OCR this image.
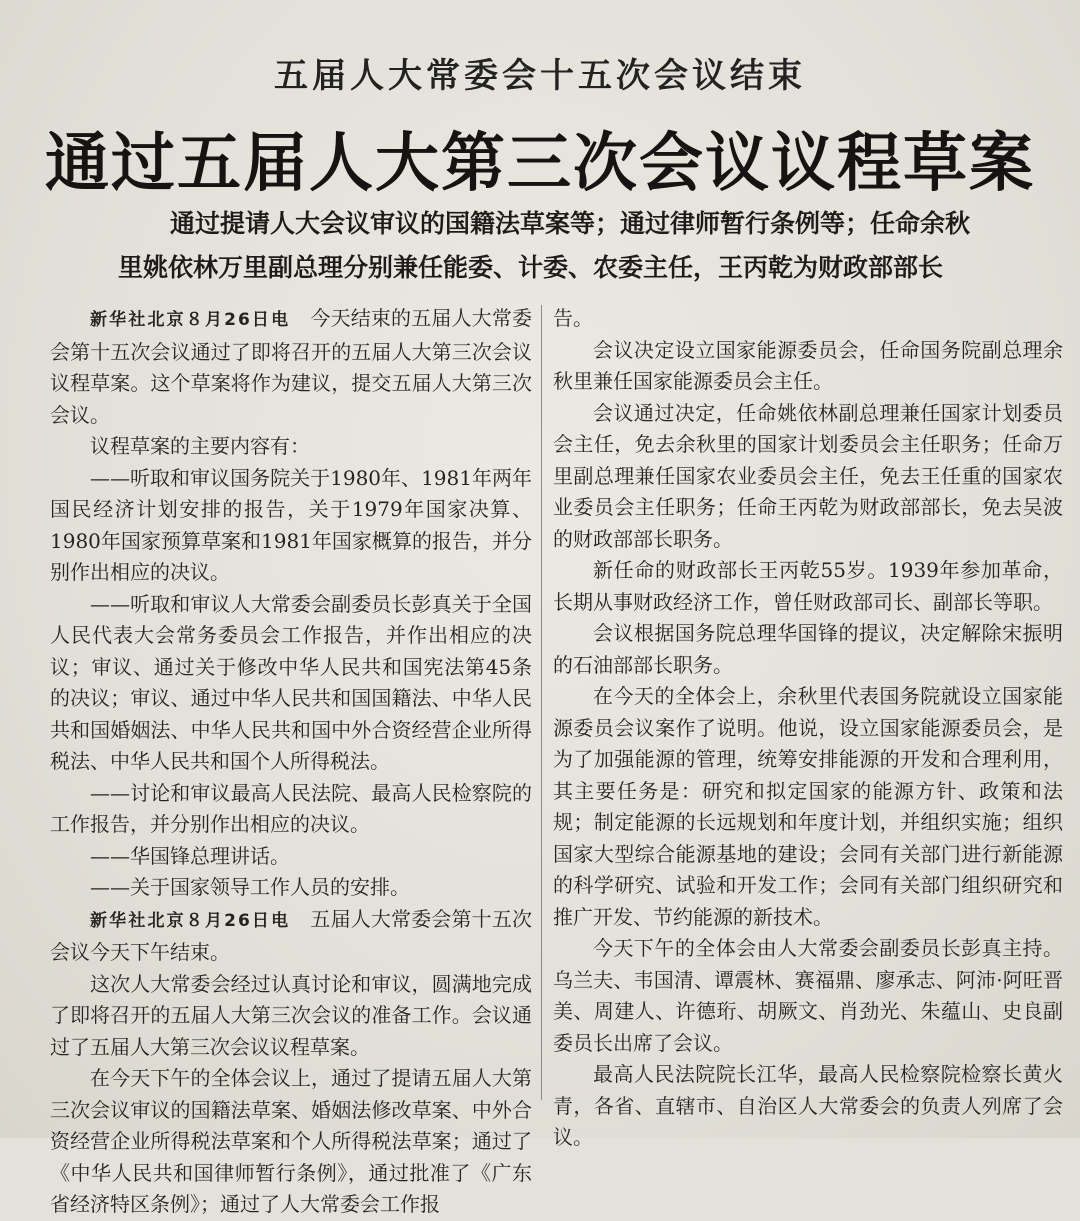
五届人大常委会十五次会议结束
通过五届人大第三次会议议程草案
通过提请人大会议审议的国籍法草案等；通过律师暂行条例等；任命余秋
里姚依林万里副总理分别兼任能委、计委、农委主任，王丙乾为财政部部长

新华社北京８月26日电　今天结束的五届人大常委会第十五次会议通过了即将召开的五届人大第三次会议议程草案。这个草案将作为建议，提交五届人大第三次会议。

议程草案的主要内容有：

——听取和审议国务院关于1980年、1981年两年国民经济计划安排的报告，关于1979年国家决算、1980年国家预算草案和1981年国家概算的报告，并分别作出相应的决议。

——听取和审议人大常委会副委员长彭真关于全国人民代表大会常务委员会工作报告，并作出相应的决议；审议、通过关于修改中华人民共和国宪法第45条的决议；审议、通过中华人民共和国国籍法、中华人民共和国婚姻法、中华人民共和国中外合资经营企业所得税法、中华人民共和国个人所得税法。

——讨论和审议最高人民法院、最高人民检察院的工作报告，并分别作出相应的决议。

——华国锋总理讲话。

——关于国家领导工作人员的安排。

新华社北京８月26日电　五届人大常委会第十五次会议今天下午结束。

这次人大常委会经过认真讨论和审议，圆满地完成了即将召开的五届人大第三次会议的准备工作。会议通过了五届人大第三次会议议程草案。

在今天下午的全体会议上，通过了提请五届人大第三次会议审议的国籍法草案、婚姻法修改草案、中外合资经营企业所得税法草案和个人所得税法草案；通过了《中华人民共和国律师暂行条例》，通过批准了《广东省经济特区条例》；通过了人大常委会工作报

告。

会议决定设立国家能源委员会，任命国务院副总理余秋里兼任国家能源委员会主任。

会议通过决定，任命姚依林副总理兼任国家计划委员会主任，免去余秋里的国家计划委员会主任职务；任命万里副总理兼任国家农业委员会主任，免去王任重的国家农业委员会主任职务；任命王丙乾为财政部部长，免去吴波的财政部部长职务。

新任命的财政部长王丙乾55岁。1939年参加革命，长期从事财政经济工作，曾任财政部司长、副部长等职。

会议根据国务院总理华国锋的提议，决定解除宋振明的石油部部长职务。

在今天的全体会上，余秋里代表国务院就设立国家能源委员会议案作了说明。他说，设立国家能源委员会，是为了加强能源的管理，统筹安排能源的开发和合理利用，其主要任务是：研究和拟定国家的能源方针、政策和法规；制定能源的长远规划和年度计划，并组织实施；组织国家大型综合能源基地的建设；会同有关部门进行新能源的科学研究、试验和开发工作；会同有关部门组织研究和推广开发、节约能源的新技术。

今天下午的全体会由人大常委会副委员长彭真主持。乌兰夫、韦国清、谭震林、赛福鼎、廖承志、阿沛·阿旺晋美、周建人、许德珩、胡厥文、肖劲光、朱蕴山、史良副委员长出席了会议。

最高人民法院院长江华，最高人民检察院检察长黄火青，各省、直辖市、自治区人大常委会的负责人列席了会议。
